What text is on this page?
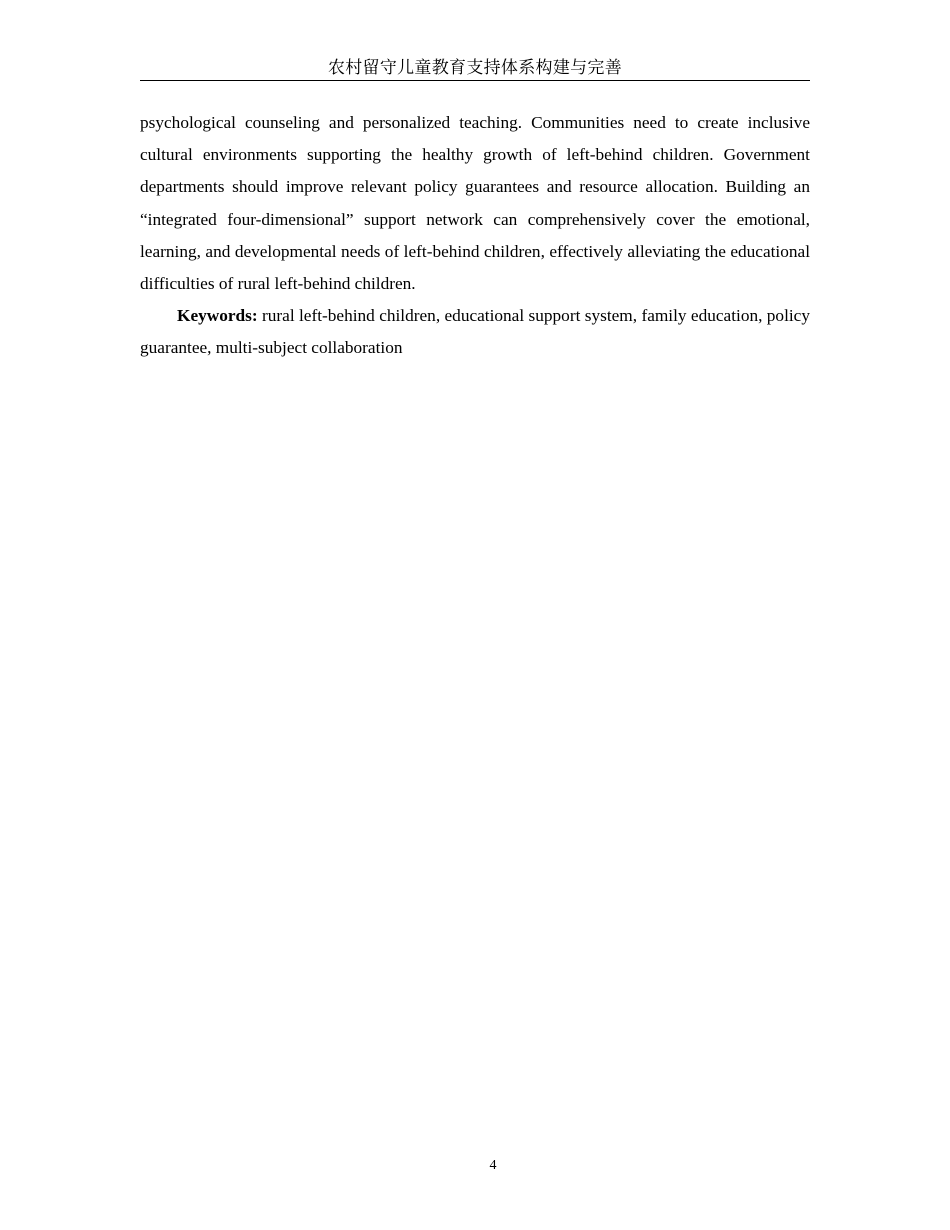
农村留守儿童教育支持体系构建与完善

psychological counseling and personalized teaching. Communities need to create inclusive cultural environments supporting the healthy growth of left-behind children. Government departments should improve relevant policy guarantees and resource allocation. Building an “integrated four-dimensional” support network can comprehensively cover the emotional, learning, and developmental needs of left-behind children, effectively alleviating the educational difficulties of rural left-behind children.

Keywords: rural left-behind children, educational support system, family education, policy guarantee, multi-subject collaboration

4
